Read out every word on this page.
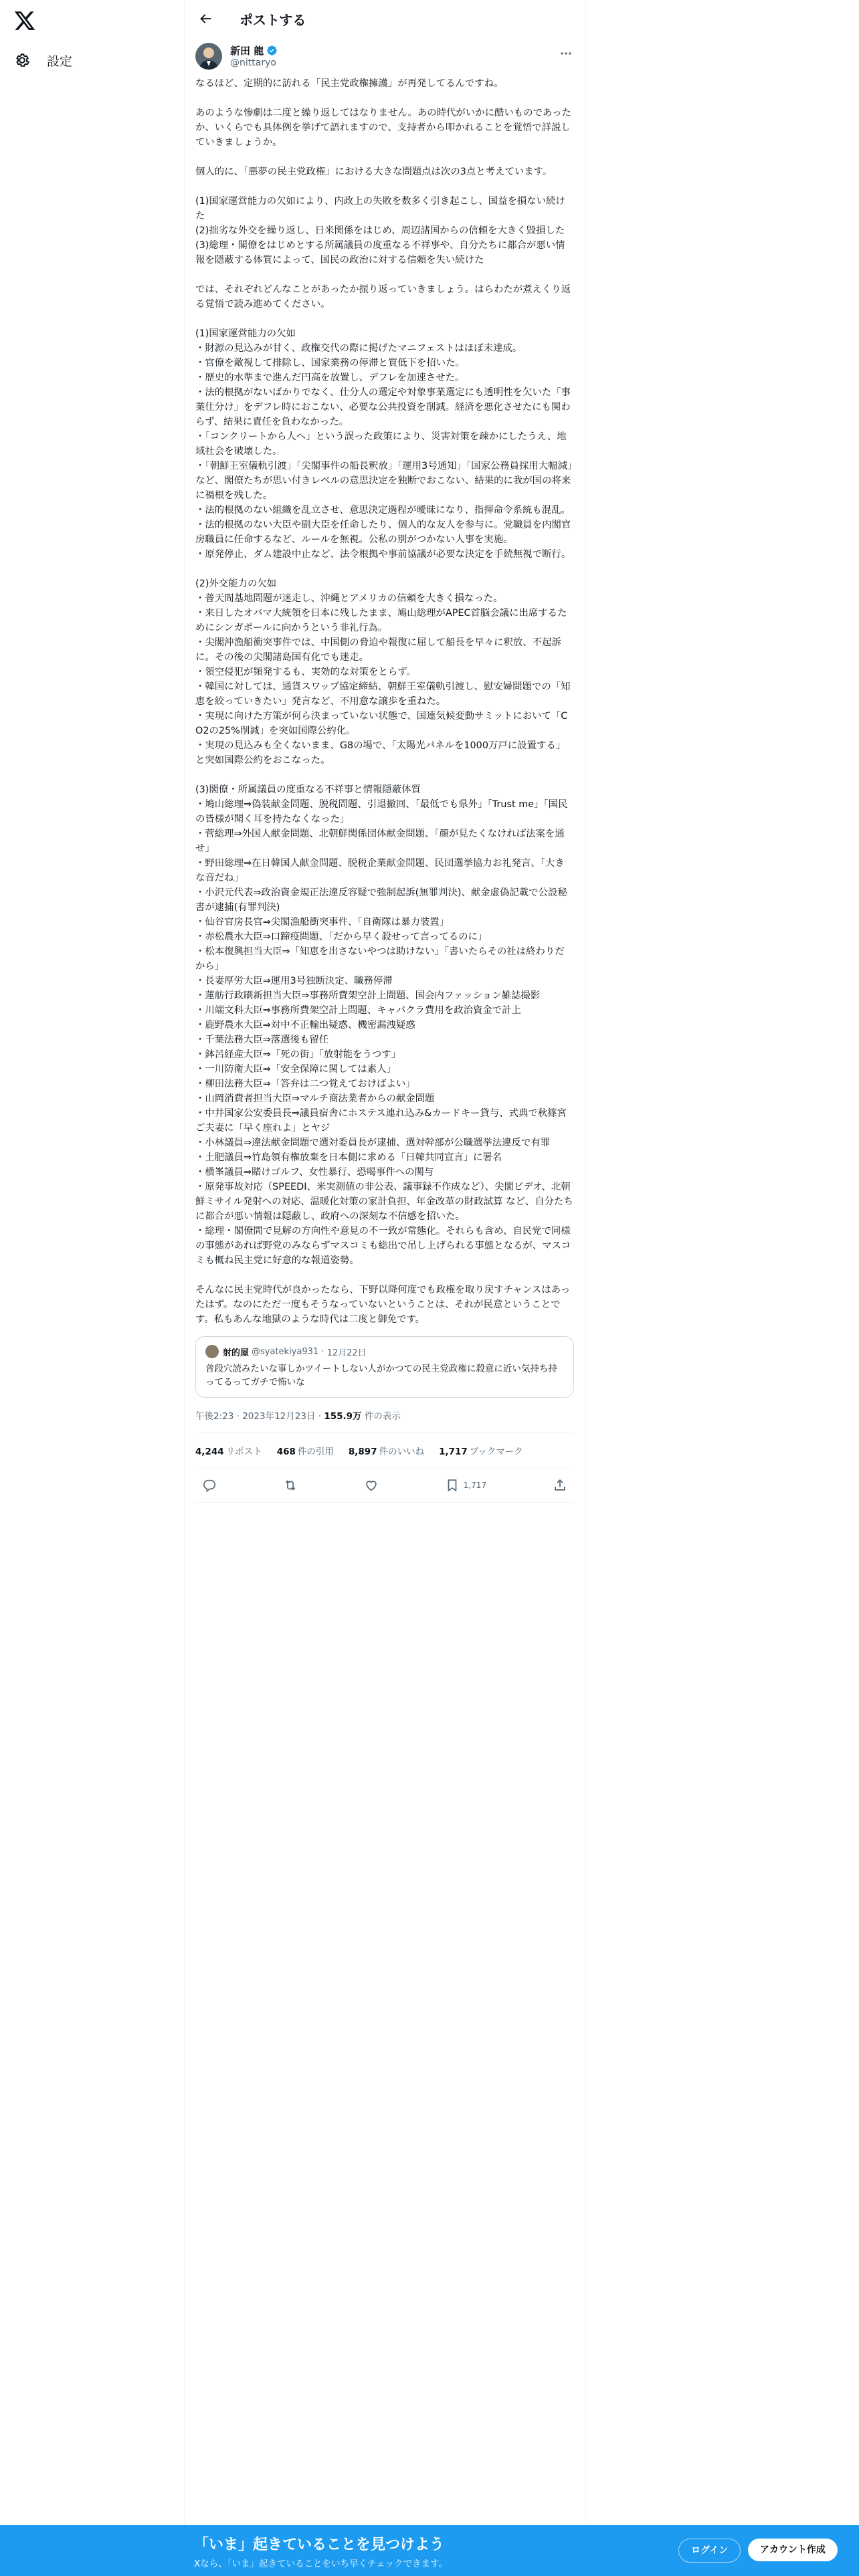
設定
ポストする
新田 龍
@nittaryo
なるほど、定期的に訪れる「民主党政権擁護」が再発してるんですね。

あのような惨劇は二度と繰り返してはなりません。あの時代がいかに酷いものであったか、いくらでも具体例を挙げて語れますので、支持者から叩かれることを覚悟で詳説していきましょうか。

個人的に、「悪夢の民主党政権」における大きな問題点は次の3点と考えています。

(1)国家運営能力の欠如により、内政上の失敗を数多く引き起こし、国益を損ない続けた
(2)拙劣な外交を繰り返し、日米関係をはじめ、周辺諸国からの信頼を大きく毀損した
(3)総理・閣僚をはじめとする所属議員の度重なる不祥事や、自分たちに都合が悪い情報を隠蔽する体質によって、国民の政治に対する信頼を失い続けた

では、それぞれどんなことがあったか振り返っていきましょう。はらわたが煮えくり返る覚悟で読み進めてください。

(1)国家運営能力の欠如
・財源の見込みが甘く、政権交代の際に掲げたマニフェストはほぼ未達成。
・官僚を敵視して排除し、国家業務の停滞と質低下を招いた。
・歴史的水準まで進んだ円高を放置し、デフレを加速させた。
・法的根拠がないばかりでなく、仕分人の選定や対象事業選定にも透明性を欠いた「事業仕分け」をデフレ時におこない、必要な公共投資を削減。経済を悪化させたにも関わらず、結果に責任を負わなかった。
・「コンクリートから人へ」という誤った政策により、災害対策を疎かにしたうえ、地域社会を破壊した。
・「朝鮮王室儀軌引渡」「尖閣事件の船長釈放」「運用3号通知」「国家公務員採用大幅減」など、閣僚たちが思い付きレベルの意思決定を独断でおこない、結果的に我が国の将来に禍根を残した。
・法的根拠のない組織を乱立させ、意思決定過程が曖昧になり、指揮命令系統も混乱。
・法的根拠のない大臣や副大臣を任命したり、個人的な友人を参与に。党職員を内閣官房職員に任命するなど、ルールを無視。公私の別がつかない人事を実施。
・原発停止、ダム建設中止など、法令根拠や事前協議が必要な決定を手続無視で断行。

(2)外交能力の欠如
・普天間基地問題が迷走し、沖縄とアメリカの信頼を大きく損なった。
・来日したオバマ大統領を日本に残したまま、鳩山総理がAPEC首脳会議に出席するためにシンガポールに向かうという非礼行為。
・尖閣沖漁船衝突事件では、中国側の脅迫や報復に屈して船長を早々に釈放、不起訴に。その後の尖閣諸島国有化でも迷走。
・領空侵犯が頻発するも、実効的な対策をとらず。
・韓国に対しては、通貨スワップ協定締結、朝鮮王室儀軌引渡し、慰安婦問題での「知恵を絞っていきたい」発言など、不用意な譲歩を重ねた。
・実現に向けた方策が何ら決まっていない状態で、国連気候変動サミットにおいて「CO2の25%削減」を突如国際公約化。
・実現の見込みも全くないまま、G8の場で、「太陽光パネルを1000万戸に設置する」と突如国際公約をおこなった。

(3)閣僚・所属議員の度重なる不祥事と情報隠蔽体質
・鳩山総理⇒偽装献金問題、脱税問題、引退撤回、「最低でも県外」「Trust me」「国民の皆様が聞く耳を持たなくなった」
・菅総理⇒外国人献金問題、北朝鮮関係団体献金問題、「顔が見たくなければ法案を通せ」
・野田総理⇒在日韓国人献金問題、脱税企業献金問題、民団選挙協力お礼発言、「大きな音だね」
・小沢元代表⇒政治資金規正法違反容疑で強制起訴(無罪判決)、献金虚偽記載で公設秘書が逮捕(有罪判決)
・仙谷官房長官⇒尖閣漁船衝突事件、「自衛隊は暴力装置」
・赤松農水大臣⇒口蹄疫問題、「だから早く殺せって言ってるのに」
・松本復興担当大臣⇒「知恵を出さないやつは助けない」「書いたらその社は終わりだから」
・長妻厚労大臣⇒運用3号独断決定、職務停滞
・蓮舫行政刷新担当大臣⇒事務所費架空計上問題、国会内ファッション雑誌撮影
・川端文科大臣⇒事務所費架空計上問題、キャバクラ費用を政治資金で計上
・鹿野農水大臣⇒対中不正輸出疑惑、機密漏洩疑惑
・千葉法務大臣⇒落選後も留任
・鉢呂経産大臣⇒「死の街」「放射能をうつす」
・一川防衛大臣⇒「安全保障に関しては素人」
・柳田法務大臣⇒「答弁は二つ覚えておけばよい」
・山岡消費者担当大臣⇒マルチ商法業者からの献金問題
・中井国家公安委員長⇒議員宿舎にホステス連れ込み&カードキー貸与、式典で秋篠宮ご夫妻に「早く座れよ」とヤジ
・小林議員⇒違法献金問題で選対委員長が逮捕、選対幹部が公職選挙法違反で有罪
・土肥議員⇒竹島領有権放棄を日本側に求める「日韓共同宣言」に署名
・横峯議員⇒賭けゴルフ、女性暴行、恐喝事件への関与
・原発事故対応（SPEEDI、米実測値の非公表、議事録不作成など）、尖閣ビデオ、北朝鮮ミサイル発射への対応、温暖化対策の家計負担、年金改革の財政試算 など、自分たちに都合が悪い情報は隠蔽し、政府への深刻な不信感を招いた。
・総理・閣僚間で見解の方向性や意見の不一致が常態化。それらも含め、自民党で同様の事態があれば野党のみならずマスコミも総出で吊し上げられる事態となるが、マスコミも概ね民主党に好意的な報道姿勢。

そんなに民主党時代が良かったなら、下野以降何度でも政権を取り戻すチャンスはあったはず。なのにただ一度もそうなっていないということは、それが民意ということです。私もあんな地獄のような時代は二度と御免です。
射的屋 @syatekiya931 · 12月22日
普段穴読みたいな事しかツイートしない人がかつての民主党政権に殺意に近い気持ち持ってるってガチで怖いな
午後2:23 · 2023年12月23日 · 155.9万 件の表示
4,244 リポスト 468 件の引用 8,897 件のいいね 1,717 ブックマーク
1,717
「いま」起きていることを見つけよう
Xなら、「いま」起きていることをいち早くチェックできます。
ログイン	アカウント作成
